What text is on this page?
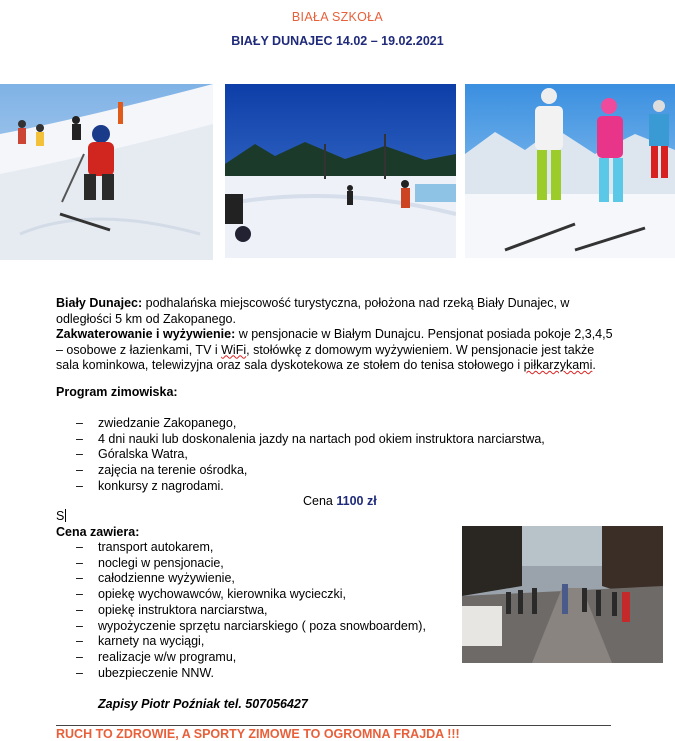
BIAŁA SZKOŁA
BIAŁY DUNAJEC 14.02 – 19.02.2021
Biały Dunajec: podhalańska miejscowość turystyczna, położona nad rzeką Biały Dunajec, w odległości 5 km od Zakopanego.
Zakwaterowanie i wyżywienie: w pensjonacie w Białym Dunajcu. Pensjonat posiada pokoje 2,3,4,5 – osobowe z łazienkami, TV i WiFi, stołówkę z domowym wyżywieniem. W pensjonacie jest także sala kominkowa, telewizyjna oraz sala dyskotekowa ze stołem do tenisa stołowego i piłkarzykami.
Program zimowiska:
– zwiedzanie Zakopanego,
– 4 dni nauki lub doskonalenia jazdy na nartach pod okiem instruktora narciarstwa,
– Góralska Watra,
– zajęcia na terenie ośrodka,
– konkursy z nagrodami.
Cena 1100 zł
S
Cena zawiera:
– transport autokarem,
– noclegi w pensjonacie,
– całodzienne wyżywienie,
– opiekę wychowawców, kierownika wycieczki,
– opiekę instruktora narciarstwa,
– wypożyczenie sprzętu narciarskiego ( poza snowboardem),
– karnety na wyciągi,
– realizacje w/w programu,
– ubezpieczenie NNW.
Zapisy Piotr Poźniak tel. 507056427
RUCH TO ZDROWIE, A SPORTY ZIMOWE TO OGROMNA FRAJDA !!!
